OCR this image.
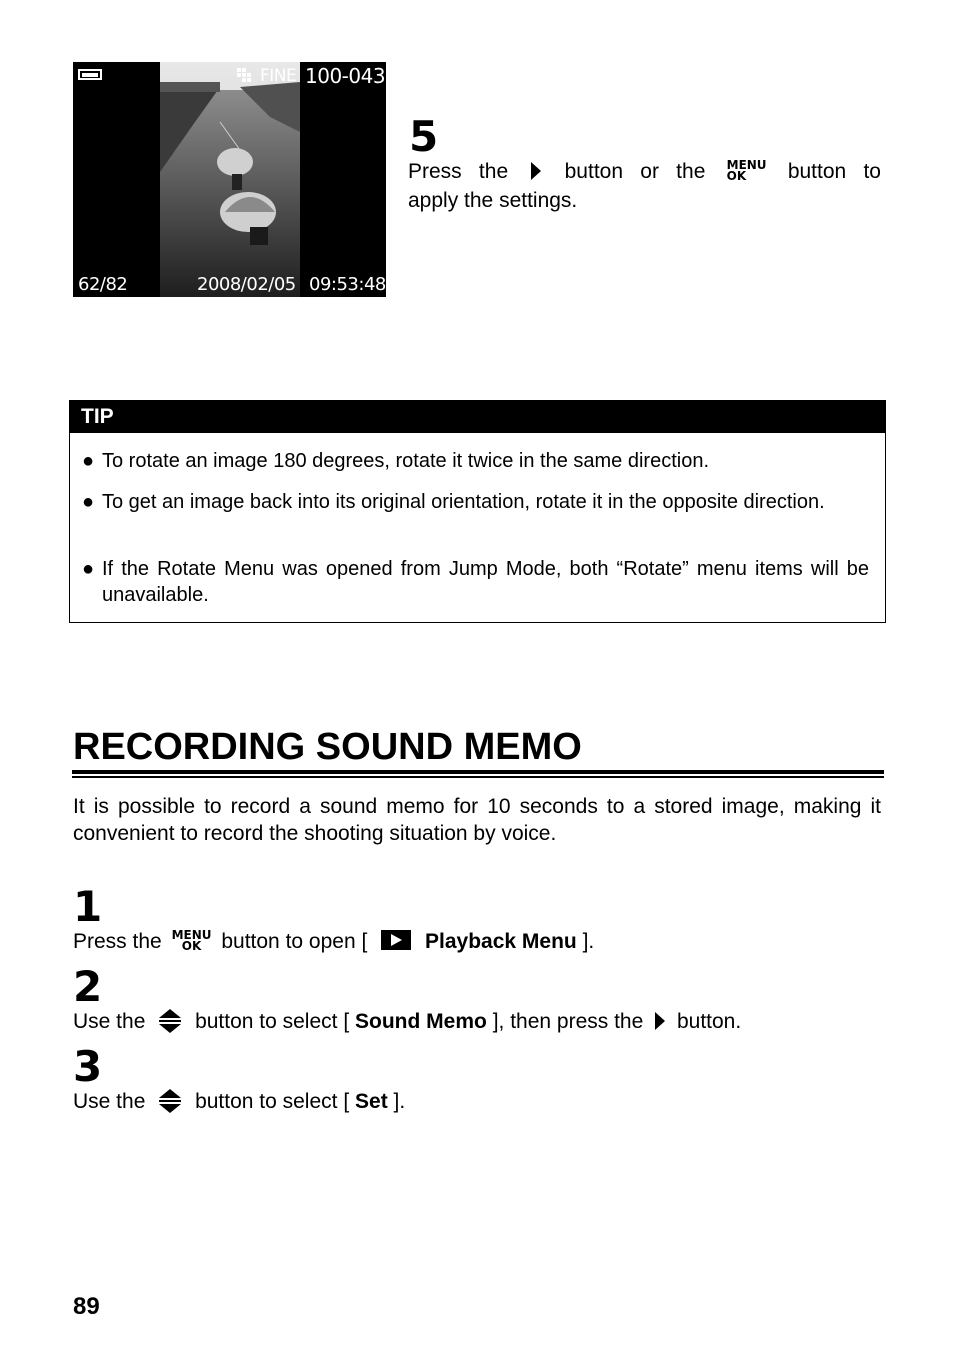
FINE 100-0437
62/82	2008/02/05 09:53:48
5
Press the	button or the MENU
OK	button to
apply the settings.
TIP
● To rotate an image 180 degrees, rotate it twice in the same direction.
● To get an image back into its original orientation, rotate it in the opposite direction.
● If the Rotate Menu was opened from Jump Mode, both “Rotate” menu items will be unavailable.
RECORDING SOUND MEMO
It is possible to record a sound memo for 10 seconds to a stored image, making it convenient to record the shooting situation by voice.
1
Press the MENU
OK button to open [	Playback Menu ].
2
Use the button to select [ Sound Memo ], then press the button.
3
Use the button to select [ Set ].
89
